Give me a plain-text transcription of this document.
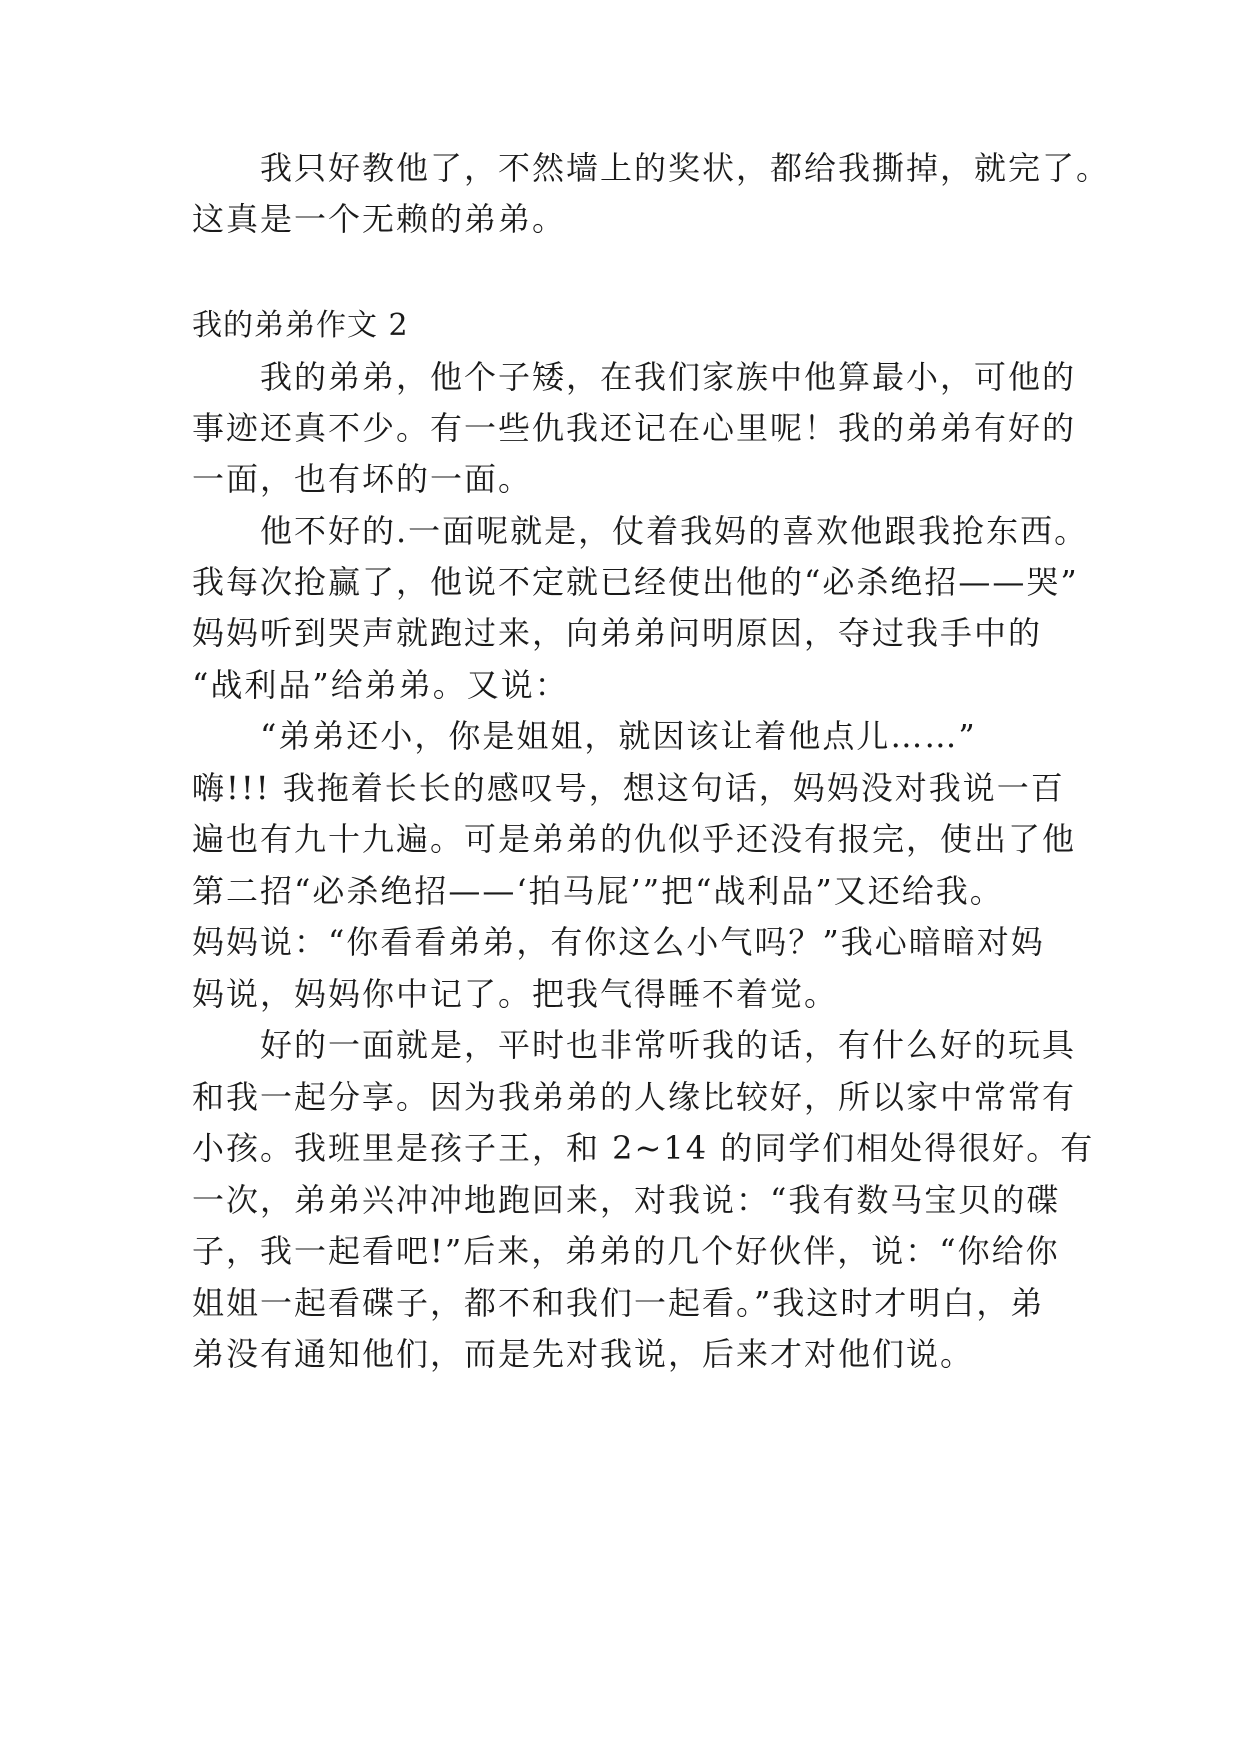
　　我只好教他了，不然墙上的奖状，都给我撕掉，就完了。
这真是一个无赖的弟弟。
我的弟弟作文 2
　　我的弟弟，他个子矮，在我们家族中他算最小，可他的
事迹还真不少。有一些仇我还记在心里呢！我的弟弟有好的
一面，也有坏的一面。
　　他不好的.一面呢就是，仗着我妈的喜欢他跟我抢东西。
我每次抢赢了，他说不定就已经使出他的“必杀绝招——哭”
妈妈听到哭声就跑过来，向弟弟问明原因，夺过我手中的
“战利品”给弟弟。又说：
　　“弟弟还小，你是姐姐，就因该让着他点儿……”
嗨!!! 我拖着长长的感叹号，想这句话，妈妈没对我说一百
遍也有九十九遍。可是弟弟的仇似乎还没有报完，使出了他
第二招“必杀绝招——‘拍马屁’”把“战利品”又还给我。
妈妈说：“你看看弟弟，有你这么小气吗？”我心暗暗对妈
妈说，妈妈你中记了。把我气得睡不着觉。
　　好的一面就是，平时也非常听我的话，有什么好的玩具
和我一起分享。因为我弟弟的人缘比较好，所以家中常常有
小孩。我班里是孩子王，和 2~14 的同学们相处得很好。有
一次，弟弟兴冲冲地跑回来，对我说：“我有数马宝贝的碟
子，我一起看吧!”后来，弟弟的几个好伙伴，说：“你给你
姐姐一起看碟子，都不和我们一起看。”我这时才明白，弟
弟没有通知他们，而是先对我说，后来才对他们说。
